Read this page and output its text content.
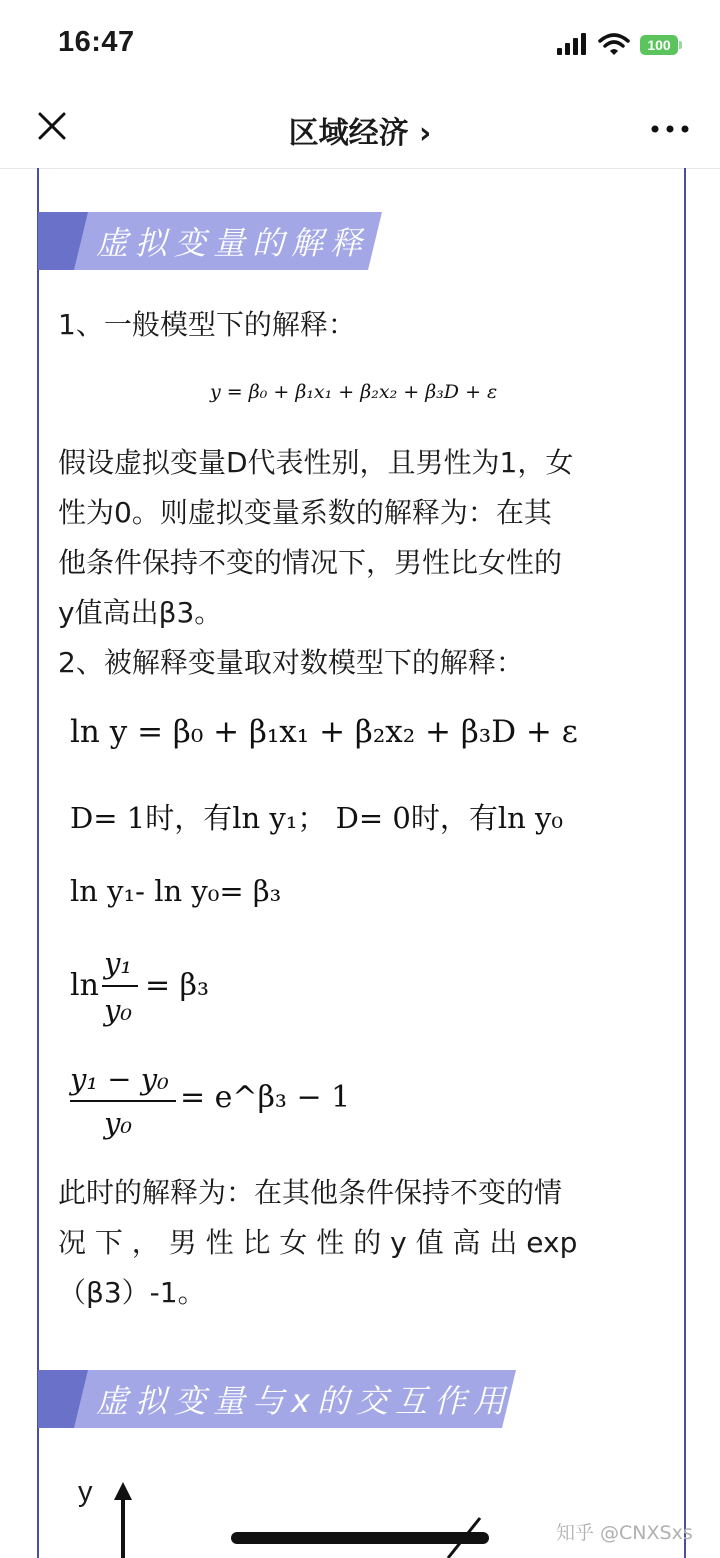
16:47	100
区域经济 ›
虚拟变量的解释
1、一般模型下的解释：
y = β₀ + β₁x₁ + β₂x₂ + β₃D + ε
假设虚拟变量D代表性别，且男性为1，女
性为0。则虚拟变量系数的解释为：在其
他条件保持不变的情况下，男性比女性的
y值高出β3。
2、被解释变量取对数模型下的解释：
ln y = β₀ + β₁x₁ + β₂x₂ + β₃D + ε
D= 1时，有ln y₁； D= 0时，有ln y₀
ln y₁- ln y₀= β₃
ln
y₁
y₀
= β₃
y₁ − y₀
y₀
= e^β₃ − 1
此时的解释为：在其他条件保持不变的情
况 下 ， 男 性 比 女 性 的 y 值 高 出 exp
（β3）-1。
虚拟变量与x的交互作用
y
知乎 @CNXSxs
